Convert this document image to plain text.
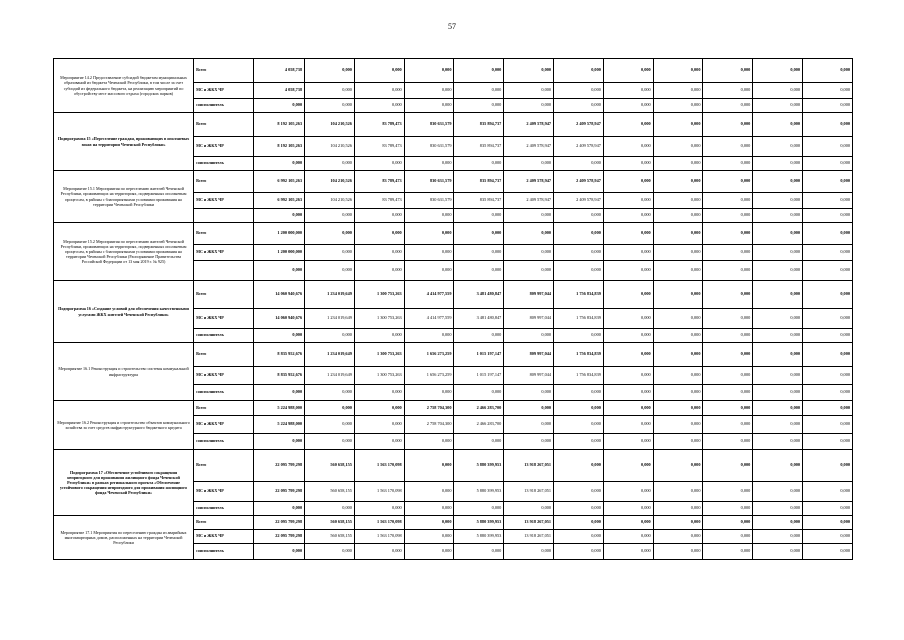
57
Мероприятие 14.2 Предоставление субсидий бюджетам муниципальных образований из бюджета Чеченской Республики, в том числе за счет субсидий из федерального бюджета, на реализацию мероприятий по обустройству мест массового отдыха (городских парков)	Всего	4 058,738	0,000	0,000	0,000	0,000	0,000	0,000	0,000	0,000	0,000	0,000	0,000
	МС и ЖКХ ЧР	4 058,738	0,000	0,000	0,000	0,000	0,000	0,000	0,000	0,000	0,000	0,000	0,000
	соисполнитель	0,000	0,000	0,000	0,000	0,000	0,000	0,000	0,000	0,000	0,000	0,000	0,000
Подпрограмма 15 «Переселение граждан, проживающих в оползневых зонах на территории Чеченской Республики»	Всего	8 192 105,263	104 210,526	83 789,473	830 631,579	835 894,737	2 409 578,947	2 409 578,947	0,000	0,000	0,000	0,000	0,000
	МС и ЖКХ ЧР	8 192 105,263	104 210,526	83 789,473	830 631,579	835 894,737	2 409 578,947	2 409 578,947	0,000	0,000	0,000	0,000	0,000
	соисполнитель	0,000	0,000	0,000	0,000	0,000	0,000	0,000	0,000	0,000	0,000	0,000	0,000
Мероприятие 15.1 Мероприятия по переселению жителей Чеченской Республики, проживающих на территориях, подверженных оползневым процессам, в районы с благоприятными условиями проживания на территории Чеченской Республики	Всего	6 992 105,263	104 210,526	83 789,473	830 631,579	835 894,737	2 409 578,947	2 409 578,947	0,000	0,000	0,000	0,000	0,000
	МС и ЖКХ ЧР	6 992 105,263	104 210,526	83 789,473	830 631,579	835 894,737	2 409 578,947	2 409 578,947	0,000	0,000	0,000	0,000	0,000
		0,000	0,000	0,000	0,000	0,000	0,000	0,000	0,000	0,000	0,000	0,000	0,000
Мероприятие 15.2 Мероприятия по переселению жителей Чеченской Республики, проживающих на территориях, подверженных оползневым процессам, в районы с благоприятными условиями проживания на территории Чеченской Республики (Распоряжение Правительства Российской Федерации от 13 мая 2019 г. № 925)	Всего	1 200 000,000	0,000	0,000	0,000	0,000	0,000	0,000	0,000	0,000	0,000	0,000	0,000
	МС и ЖКХ ЧР	1 200 000,000	0,000	0,000	0,000	0,000	0,000	0,000	0,000	0,000	0,000	0,000	0,000
		0,000	0,000	0,000	0,000	0,000	0,000	0,000	0,000	0,000	0,000	0,000	0,000
Подпрограмма 16 «Создание условий для обеспечения качественными услугами ЖКХ жителей Чеченской Республики»	Всего	14 060 940,676	1 234 019,649	1 300 753,263	4 414 977,559	3 481 480,847	809 997,044	1 756 834,839	0,000	0,000	0,000	0,000	0,000
	МС и ЖКХ ЧР	14 060 940,676	1 234 019,649	1 300 753,263	4 414 977,559	3 481 480,847	809 997,044	1 756 834,839	0,000	0,000	0,000	0,000	0,000
	соисполнитель	0,000	0,000	0,000	0,000	0,000	0,000	0,000	0,000	0,000	0,000	0,000	0,000
Мероприятие 16.1 Реконструкция и строительство системы коммунальной инфраструктуры	Всего	8 835 952,676	1 234 019,649	1 300 753,263	1 656 273,259	1 015 197,147	809 997,044	1 756 834,839	0,000	0,000	0,000	0,000	0,000
	МС и ЖКХ ЧР	8 835 952,676	1 234 019,649	1 300 753,263	1 656 273,259	1 015 197,147	809 997,044	1 756 834,839	0,000	0,000	0,000	0,000	0,000
	соисполнитель	0,000	0,000	0,000	0,000	0,000	0,000	0,000	0,000	0,000	0,000	0,000	0,000
Мероприятие 16.2 Реконструкция и строительство объектов коммунального хозяйства за счет средств инфраструктурного бюджетного кредита	Всего	5 224 988,000	0,000	0,000	2 758 704,300	2 466 283,700	0,000	0,000	0,000	0,000	0,000	0,000	0,000
	МС и ЖКХ ЧР	5 224 988,000	0,000	0,000	2 758 704,300	2 466 283,700	0,000	0,000	0,000	0,000	0,000	0,000	0,000
	соисполнитель	0,000	0,000	0,000	0,000	0,000	0,000	0,000	0,000	0,000	0,000	0,000	0,000
Подпрограмма 17 «Обеспечение устойчивого сокращения непригодного для проживания жилищного фонда Чеченской Республики» в рамках регионального проекта «Обеспечение устойчивого сокращения непригодного для проживания жилищного фонда Чеченской Республики»	Всего	22 095 799,298	560 658,155	1 563 170,098	0,000	5 880 399,953	13 918 267,051	0,000	0,000	0,000	0,000	0,000	0,000
	МС и ЖКХ ЧР	22 095 799,298	560 658,155	1 563 170,098	0,000	5 880 399,953	13 918 267,051	0,000	0,000	0,000	0,000	0,000	0,000
	соисполнитель	0,000	0,000	0,000	0,000	0,000	0,000	0,000	0,000	0,000	0,000	0,000	0,000
Мероприятие 17.1 Мероприятия по переселению граждан из аварийных многоквартирных домов, расположенных на территории Чеченской Республики	Всего	22 095 799,298	560 658,155	1 563 170,098	0,000	5 880 399,953	13 918 267,051	0,000	0,000	0,000	0,000	0,000	0,000
	МС и ЖКХ ЧР	22 095 799,298	560 658,155	1 563 170,098	0,000	5 880 399,953	13 918 267,051	0,000	0,000	0,000	0,000	0,000	0,000
	соисполнитель	0,000	0,000	0,000	0,000	0,000	0,000	0,000	0,000	0,000	0,000	0,000	0,000
